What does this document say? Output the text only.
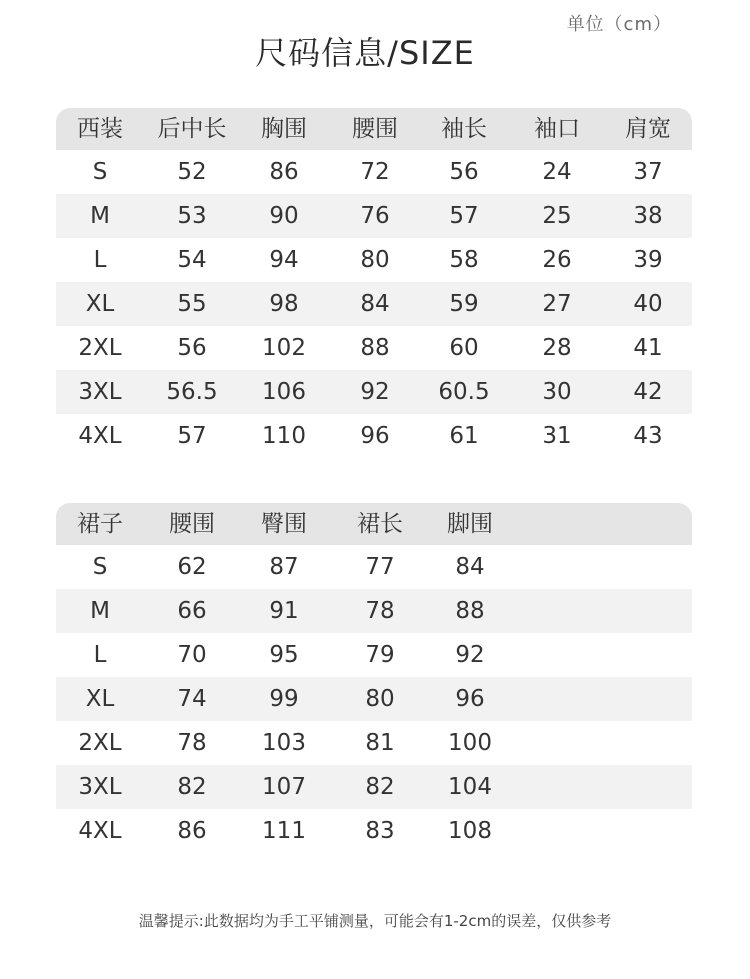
单位（cm）
尺码信息/SIZE
西装	后中长	胸围	腰围	袖长	袖口	肩宽
S	52	86	72	56	24	37
M	53	90	76	57	25	38
L	54	94	80	58	26	39
XL	55	98	84	59	27	40
2XL	56	102	88	60	28	41
3XL	56.5	106	92	60.5	30	42
4XL	57	110	96	61	31	43
裙子	腰围	臀围	裙长	脚围
S	62	87	77	84
M	66	91	78	88
L	70	95	79	92
XL	74	99	80	96
2XL	78	103	81	100
3XL	82	107	82	104
4XL	86	111	83	108
温馨提示:此数据均为手工平铺测量，可能会有1-2cm的误差，仅供参考
